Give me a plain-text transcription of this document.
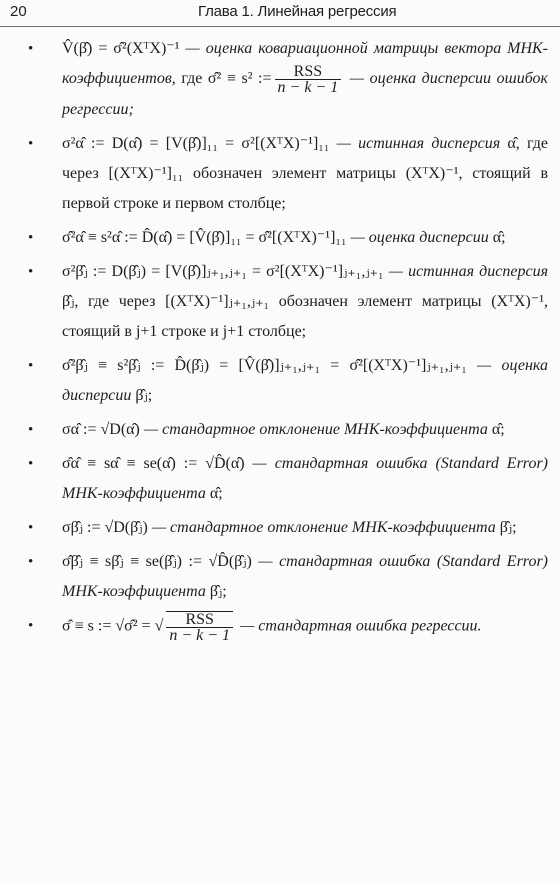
20	Глава 1. Линейная регрессия
• V̂(β̂) = σ̂²(XᵀX)⁻¹ — оценка ковариационной матрицы векторa МНК-коэффициентов, где σ̂² ≡ s² := $\frac{\text{RSS}}{n - k - 1}$ — оценка дисперсии ошибок регрессии;
• σ²α̂ := D(α̂) = [V(β̂)]₁₁ = σ²[(XᵀX)⁻¹]₁₁ — истинная дисперсия α̂, где через [(XᵀX)⁻¹]₁₁ обозначен элемент матрицы (XᵀX)⁻¹, стоящий в первой строке и первом столбце;
• σ̂²α̂ ≡ s²α̂ := D̂(α̂) = [V̂(β̂)]₁₁ = σ̂²[(XᵀX)⁻¹]₁₁ — оценка дисперсии α̂;
• σ²β̂ⱼ := D(β̂ⱼ) = [V(β̂)]ⱼ₊₁,ⱼ₊₁ = σ²[(XᵀX)⁻¹]ⱼ₊₁,ⱼ₊₁ — истинная дисперсия β̂ⱼ, где через [(XᵀX)⁻¹]ⱼ₊₁,ⱼ₊₁ обозначен элемент матрицы (XᵀX)⁻¹, стоящий в j+1 строке и j+1 столбце;
• σ̂²β̂ⱼ ≡ s²β̂ⱼ := D̂(β̂ⱼ) = [V̂(β̂)]ⱼ₊₁,ⱼ₊₁ = σ̂²[(XᵀX)⁻¹]ⱼ₊₁,ⱼ₊₁ — оценка дисперсии β̂ⱼ;
• σα̂ := √D(α̂) — стандартное отклонение МНК-коэффициента α̂;
• σ̂α̂ ≡ sα̂ ≡ se(α̂) := √D̂(α̂) — стандартная ошибка (Standard Error) МНК-коэффициента α̂;
• σβ̂ⱼ := √D(β̂ⱼ) — стандартное отклонение МНК-коэффициента β̂ⱼ;
• σ̂β̂ⱼ ≡ sβ̂ⱼ ≡ se(β̂ⱼ) := √D̂(β̂ⱼ) — стандартная ошибка (Standard Error) МНК-коэффициента β̂ⱼ;
• σ̂ ≡ s := √σ̂² = √ $\frac{\text{RSS}}{n - k - 1}$ — стандартная ошибка регрессии.
